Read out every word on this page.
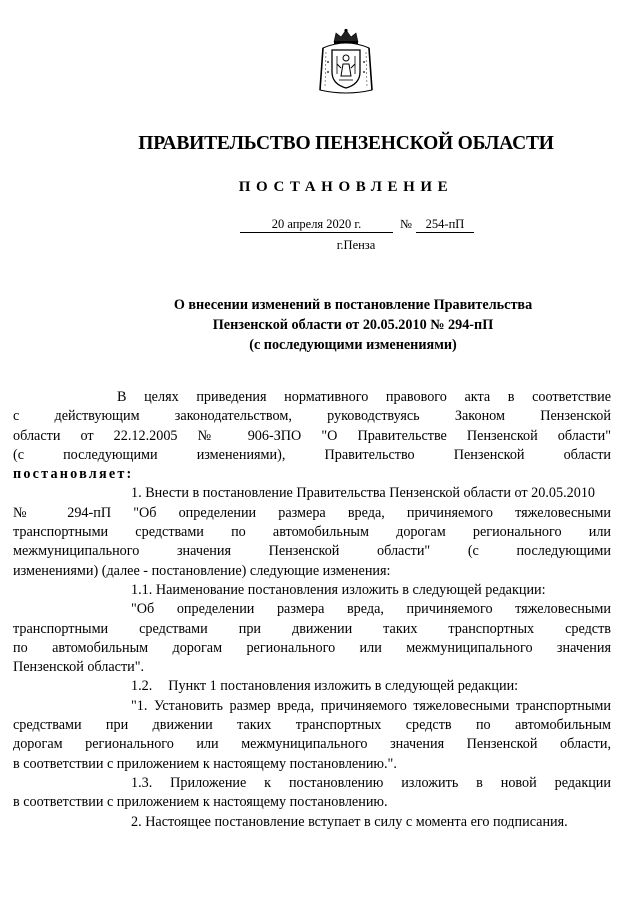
ПРАВИТЕЛЬСТВО ПЕНЗЕНСКОЙ ОБЛАСТИ
ПОСТАНОВЛЕНИЕ
20 апреля 2020 г.	№	254-пП
г.Пенза
О внесении изменений в постановление Правительства
Пензенской области от 20.05.2010 № 294-пП
(с последующими изменениями)
В целях приведения нормативного правового акта в соответствие
с действующим законодательством, руководствуясь Законом Пензенской
области от 22.12.2005 № 906-ЗПО "О Правительстве Пензенской области"
(с последующими изменениями), Правительство Пензенской области
постановляет:
1. Внести в постановление Правительства Пензенской области от 20.05.2010
№ 294-пП "Об определении размера вреда, причиняемого тяжеловесными
транспортными средствами по автомобильным дорогам регионального или
межмуниципального значения Пензенской области" (с последующими
изменениями) (далее - постановление) следующие изменения:
1.1. Наименование постановления изложить в следующей редакции:
"Об определении размера вреда, причиняемого тяжеловесными
транспортными средствами при движении таких транспортных средств
по автомобильным дорогам регионального или межмуниципального значения
Пензенской области".
1.2. Пункт 1 постановления изложить в следующей редакции:
"1. Установить размер вреда, причиняемого тяжеловесными транспортными
средствами при движении таких транспортных средств по автомобильным
дорогам регионального или межмуниципального значения Пензенской области,
в соответствии с приложением к настоящему постановлению.".
1.3. Приложение к постановлению изложить в новой редакции
в соответствии с приложением к настоящему постановлению.
2. Настоящее постановление вступает в силу с момента его подписания.
